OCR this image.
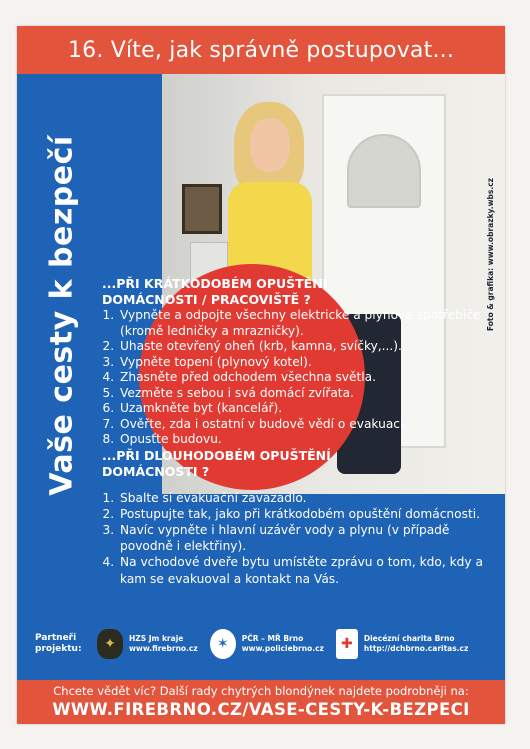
16. Víte, jak správně postupovat...
Vaše cesty k bezpečí	Foto & grafika: www.obrazky.wbs.cz

...PŘI KRÁTKODOBÉM OPUŠTĚNÍ
DOMÁCNOSTI / PRACOVIŠTĚ ?

1. Vypněte a odpojte všechny elektrické a plynové spotřebiče (kromě ledničky a mrazničky).
2. Uhaste otevřený oheň (krb, kamna, svíčky,...).
3. Vypněte topení (plynový kotel).
4. Zhasněte před odchodem všechna světla.
5. Vezměte s sebou i svá domácí zvířata.
6. Uzamkněte byt (kancelář).
7. Ověřte, zda i ostatní v budově vědí o evakuaci.
8. Opusťte budovu.

...PŘI DLOUHODOBÉM OPUŠTĚNÍ
DOMÁCNOSTI ?

1. Sbalte si evakuační zavazadlo.
2. Postupujte tak, jako při krátkodobém opuštění domácnosti.
3. Navíc vypněte i hlavní uzávěr vody a plynu (v případě povodně i elektřiny).
4. Na vchodové dveře bytu umístěte zprávu o tom, kdo, kdy a kam se evakuoval a kontakt na Vás.
Partneři projektu:	✦	HZS Jm kraje
www.firebrno.cz	✶	PČR – MŘ Brno
www.policiebrno.cz	✚	Diecézní charita Brno
http://dchbrno.caritas.cz
Chcete vědět víc? Další rady chytrých blondýnek najdete podrobněji na:
WWW.FIREBRNO.CZ/VASE-CESTY-K-BEZPECI
